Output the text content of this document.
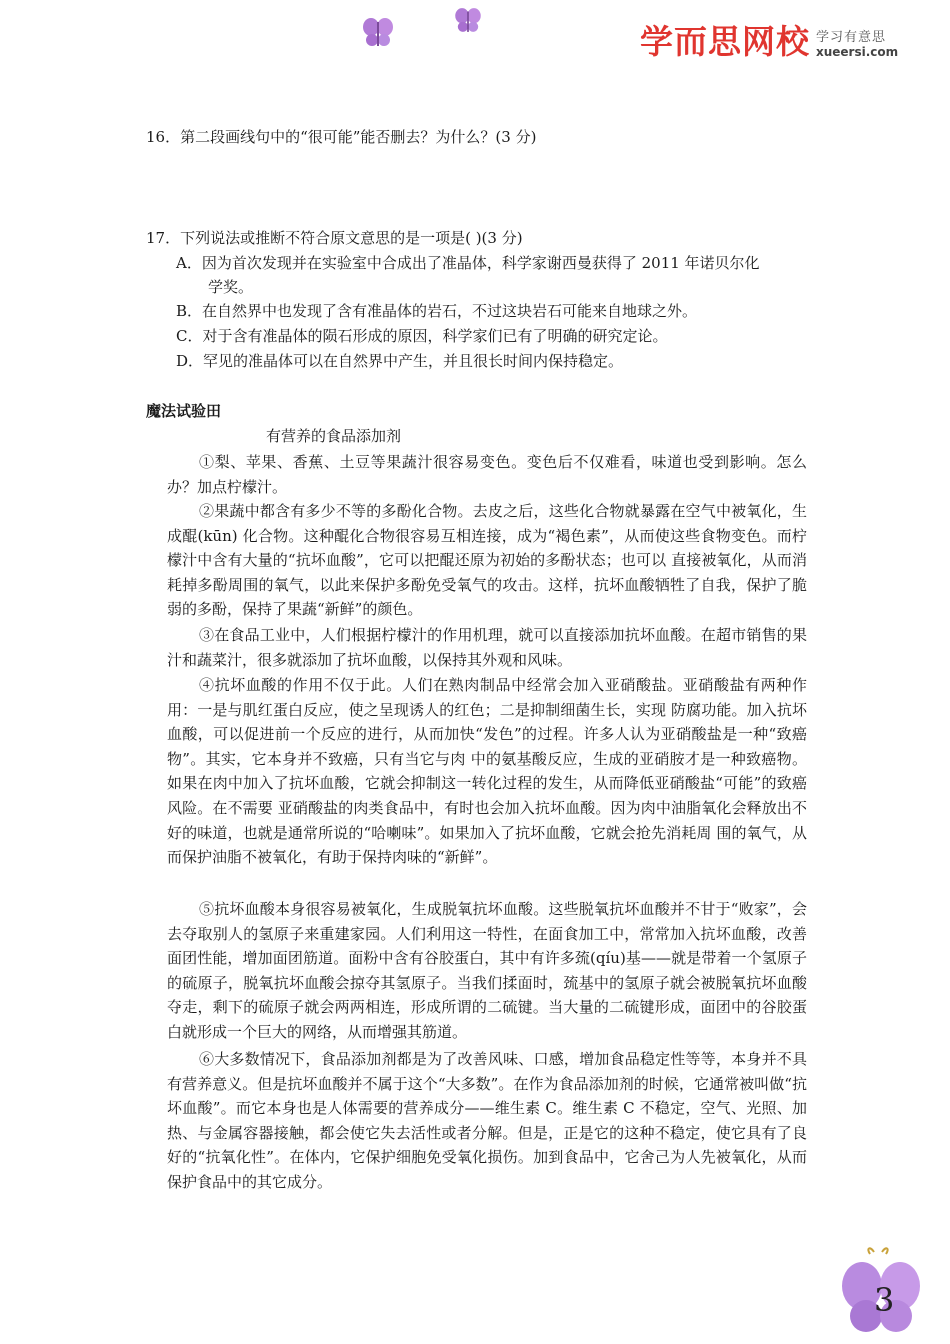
学而思网校 学习有意思
xueersi.com
16．第二段画线句中的“很可能”能否删去？为什么？(3 分)
17．下列说法或推断不符合原文意思的是一项是( )(3 分)
A．因为首次发现并在实验室中合成出了准晶体，科学家谢西曼获得了 2011 年诺贝尔化
学奖。
B．在自然界中也发现了含有准晶体的岩石，不过这块岩石可能来自地球之外。
C．对于含有准晶体的陨石形成的原因，科学家们已有了明确的研究定论。
D．罕见的准晶体可以在自然界中产生，并且很长时间内保持稳定。
魔法试验田
有营养的食品添加剂
①梨、苹果、香蕉、土豆等果蔬汁很容易变色。变色后不仅难看，味道也受到影响。怎么办？加点柠檬汁。
②果蔬中都含有多少不等的多酚化合物。去皮之后，这些化合物就暴露在空气中被氧化，生成醌(kūn) 化合物。这种醌化合物很容易互相连接，成为“褐色素”，从而使这些食物变色。而柠檬汁中含有大量的“抗坏血酸”，它可以把醌还原为初始的多酚状态；也可以 直接被氧化，从而消耗掉多酚周围的氧气，以此来保护多酚免受氧气的攻击。这样，抗坏血酸牺牲了自我，保护了脆弱的多酚，保持了果蔬“新鲜”的颜色。
③在食品工业中，人们根据柠檬汁的作用机理，就可以直接添加抗坏血酸。在超市销售的果汁和蔬菜汁，很多就添加了抗坏血酸，以保持其外观和风味。
④抗坏血酸的作用不仅于此。人们在熟肉制品中经常会加入亚硝酸盐。亚硝酸盐有两种作用：一是与肌红蛋白反应，使之呈现诱人的红色；二是抑制细菌生长，实现 防腐功能。加入抗坏血酸，可以促进前一个反应的进行，从而加快“发色”的过程。许多人认为亚硝酸盐是一种“致癌物”。其实，它本身并不致癌，只有当它与肉 中的氨基酸反应，生成的亚硝胺才是一种致癌物。如果在肉中加入了抗坏血酸，它就会抑制这一转化过程的发生，从而降低亚硝酸盐“可能”的致癌风险。在不需要 亚硝酸盐的肉类食品中，有时也会加入抗坏血酸。因为肉中油脂氧化会释放出不好的味道，也就是通常所说的“哈喇味”。如果加入了抗坏血酸，它就会抢先消耗周 围的氧气，从而保护油脂不被氧化，有助于保持肉味的“新鲜”。
⑤抗坏血酸本身很容易被氧化，生成脱氧抗坏血酸。这些脱氧抗坏血酸并不甘于“败家”，会去夺取别人的氢原子来重建家园。人们利用这一特性，在面食加工中，常常加入抗坏血酸，改善面团性能，增加面团筋道。面粉中含有谷胶蛋白，其中有许多巯(qíu)基——就是带着一个氢原子的硫原子，脱氧抗坏血酸会掠夺其氢原子。当我们揉面时，巯基中的氢原子就会被脱氧抗坏血酸夺走，剩下的硫原子就会两两相连，形成所谓的二硫键。当大量的二硫键形成，面团中的谷胶蛋白就形成一个巨大的网络，从而增强其筋道。
⑥大多数情况下，食品添加剂都是为了改善风味、口感，增加食品稳定性等等，本身并不具有营养意义。但是抗坏血酸并不属于这个“大多数”。在作为食品添加剂的时候，它通常被叫做“抗坏血酸”。而它本身也是人体需要的营养成分——维生素 C。维生素 C 不稳定，空气、光照、加热、与金属容器接触，都会使它失去活性或者分解。但是，正是它的这种不稳定，使它具有了良好的“抗氧化性”。在体内，它保护细胞免受氧化损伤。加到食品中，它舍己为人先被氧化，从而保护食品中的其它成分。
3
